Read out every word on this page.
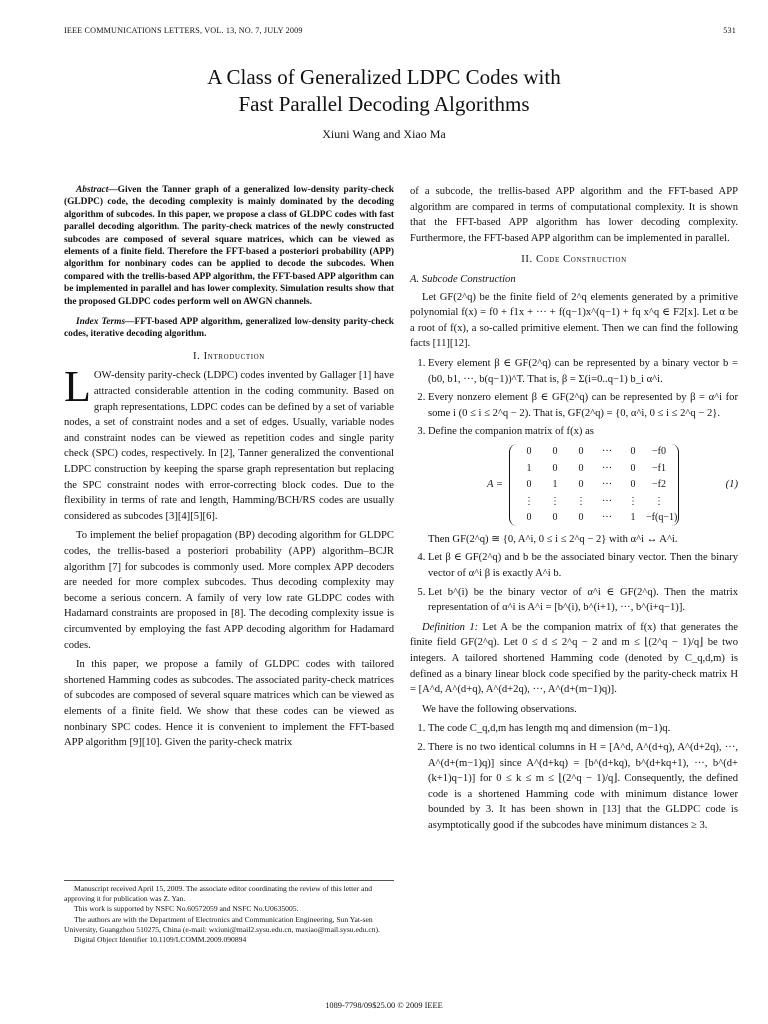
IEEE COMMUNICATIONS LETTERS, VOL. 13, NO. 7, JULY 2009	531
A Class of Generalized LDPC Codes with
Fast Parallel Decoding Algorithms
Xiuni Wang and Xiao Ma
Abstract—Given the Tanner graph of a generalized low-density parity-check (GLDPC) code, the decoding complexity is mainly dominated by the decoding algorithm of subcodes. In this paper, we propose a class of GLDPC codes with fast parallel decoding algorithm. The parity-check matrices of the newly constructed subcodes are composed of several square matrices, which can be viewed as elements of a finite field. Therefore the FFT-based a posteriori probability (APP) algorithm for nonbinary codes can be applied to decode the subcodes. When compared with the trellis-based APP algorithm, the FFT-based APP algorithm can be implemented in parallel and has lower complexity. Simulation results show that the proposed GLDPC codes perform well on AWGN channels.
Index Terms—FFT-based APP algorithm, generalized low-density parity-check codes, iterative decoding algorithm.
I. Introduction

LOW-density parity-check (LDPC) codes invented by Gallager [1] have attracted considerable attention in the coding community. Based on graph representations, LDPC codes can be defined by a set of variable nodes, a set of constraint nodes and a set of edges. Usually, variable nodes and constraint nodes can be viewed as repetition codes and single parity check (SPC) codes, respectively. In [2], Tanner generalized the conventional LDPC construction by keeping the sparse graph representation but replacing the SPC constraint nodes with error-correcting block codes. Due to the flexibility in terms of rate and length, Hamming/BCH/RS codes are usually considered as subcodes [3][4][5][6].

To implement the belief propagation (BP) decoding algorithm for GLDPC codes, the trellis-based a posteriori probability (APP) algorithm–BCJR algorithm [7] for subcodes is commonly used. More complex APP decoders are needed for more complex subcodes. Thus decoding complexity may become a serious concern. A family of very low rate GLDPC codes with Hadamard constraints are proposed in [8]. The decoding complexity issue is circumvented by employing the fast APP decoding algorithm for Hadamard codes.

In this paper, we propose a family of GLDPC codes with tailored shortened Hamming codes as subcodes. The associated parity-check matrices of subcodes are composed of several square matrices which can be viewed as elements of a finite field. We show that these codes can be viewed as nonbinary SPC codes. Hence it is convenient to implement the FFT-based APP algorithm [9][10]. Given the parity-check matrix

Manuscript received April 15, 2009. The associate editor coordinating the review of this letter and approving it for publication was Z. Yan.
This work is supported by NSFC No.60572059 and NSFC No.U0635005.
The authors are with the Department of Electronics and Communication Engineering, Sun Yat-sen University, Guangzhou 510275, China (e-mail: wxiuni@mail2.sysu.edu.cn, maxiao@mail.sysu.edu.cn).
Digital Object Identifier 10.1109/LCOMM.2009.090894

of a subcode, the trellis-based APP algorithm and the FFT-based APP algorithm are compared in terms of computational complexity. It is shown that the FFT-based APP algorithm has lower decoding complexity. Furthermore, the FFT-based APP algorithm can be implemented in parallel.

II. Code Construction
A. Subcode Construction

Let GF(2^q) be the finite field of 2^q elements generated by a primitive polynomial f(x) = f0 + f1x + ··· + f(q−1)x^(q−1) + fq x^q ∈ F2[x]. Let α be a root of f(x), a so-called primitive element. Then we can find the following facts [11][12].

1. Every element β ∈ GF(2^q) can be represented by a binary vector b = (b0, b1, ···, b(q−1))^T. That is, β = Σ(i=0..q−1) b_i α^i.
2. Every nonzero element β ∈ GF(2^q) can be represented by β = α^i for some i (0 ≤ i ≤ 2^q − 2). That is, GF(2^q) = {0, α^i, 0 ≤ i ≤ 2^q − 2}.
3. Define the companion matrix of f(x) as
A =
0	0	0	···	0	−f0
1	0	0	···	0	−f1
0	1	0	···	0	−f2
⋮	⋮	⋮	···	⋮	⋮
0	0	0	···	1	−f(q−1)
(1)
Then GF(2^q) ≅ {0, A^i, 0 ≤ i ≤ 2^q − 2} with α^i ↔ A^i.
4. Let β ∈ GF(2^q) and b be the associated binary vector. Then the binary vector of α^i β is exactly A^i b.
5. Let b^(i) be the binary vector of α^i ∈ GF(2^q). Then the matrix representation of α^i is A^i = [b^(i), b^(i+1), ···, b^(i+q−1)].

Definition 1: Let A be the companion matrix of f(x) that generates the finite field GF(2^q). Let 0 ≤ d ≤ 2^q − 2 and m ≤ ⌊(2^q − 1)/q⌋ be two integers. A tailored shortened Hamming code (denoted by C_q,d,m) is defined as a binary linear block code specified by the parity-check matrix H = [A^d, A^(d+q), A^(d+2q), ···, A^(d+(m−1)q)].

We have the following observations.

1. The code C_q,d,m has length mq and dimension (m−1)q.
2. There is no two identical columns in H = [A^d, A^(d+q), A^(d+2q), ···, A^(d+(m−1)q)] since A^(d+kq) = [b^(d+kq), b^(d+kq+1), ···, b^(d+(k+1)q−1)] for 0 ≤ k ≤ m ≤ ⌊(2^q − 1)/q⌋. Consequently, the defined code is a shortened Hamming code with minimum distance lower bounded by 3. It has been shown in [13] that the GLDPC code is asymptotically good if the subcodes have minimum distances ≥ 3.
1089-7798/09$25.00 © 2009 IEEE
